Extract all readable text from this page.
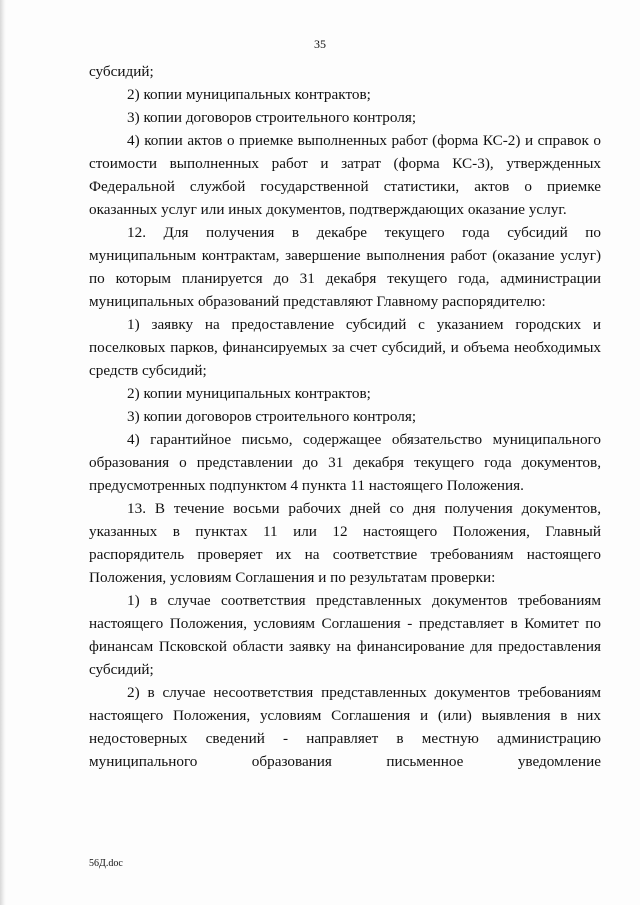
35

субсидий;

2) копии муниципальных контрактов;

3) копии договоров строительного контроля;

4) копии актов о приемке выполненных работ (форма КС-2) и справок о стоимости выполненных работ и затрат (форма КС-3), утвержденных Федеральной службой государственной статистики, актов о приемке оказанных услуг или иных документов, подтверждающих оказание услуг.

12. Для получения в декабре текущего года субсидий по муниципальным контрактам, завершение выполнения работ (оказание услуг) по которым планируется до 31 декабря текущего года, администрации муниципальных образований представляют Главному распорядителю:

1) заявку на предоставление субсидий с указанием городских и поселковых парков, финансируемых за счет субсидий, и объема необходимых средств субсидий;

2) копии муниципальных контрактов;

3) копии договоров строительного контроля;

4) гарантийное письмо, содержащее обязательство муниципального образования о представлении до 31 декабря текущего года документов, предусмотренных подпунктом 4 пункта 11 настоящего Положения.

13. В течение восьми рабочих дней со дня получения документов, указанных в пунктах 11 или 12 настоящего Положения, Главный распорядитель проверяет их на соответствие требованиям настоящего Положения, условиям Соглашения и по результатам проверки:

1) в случае соответствия представленных документов требованиям настоящего Положения, условиям Соглашения - представляет в Комитет по финансам Псковской области заявку на финансирование для предоставления субсидий;

2) в случае несоответствия представленных документов требованиям настоящего Положения, условиям Соглашения и (или) выявления в них недостоверных сведений - направляет в местную администрацию муниципального образования письменное уведомление

56Д.doc
